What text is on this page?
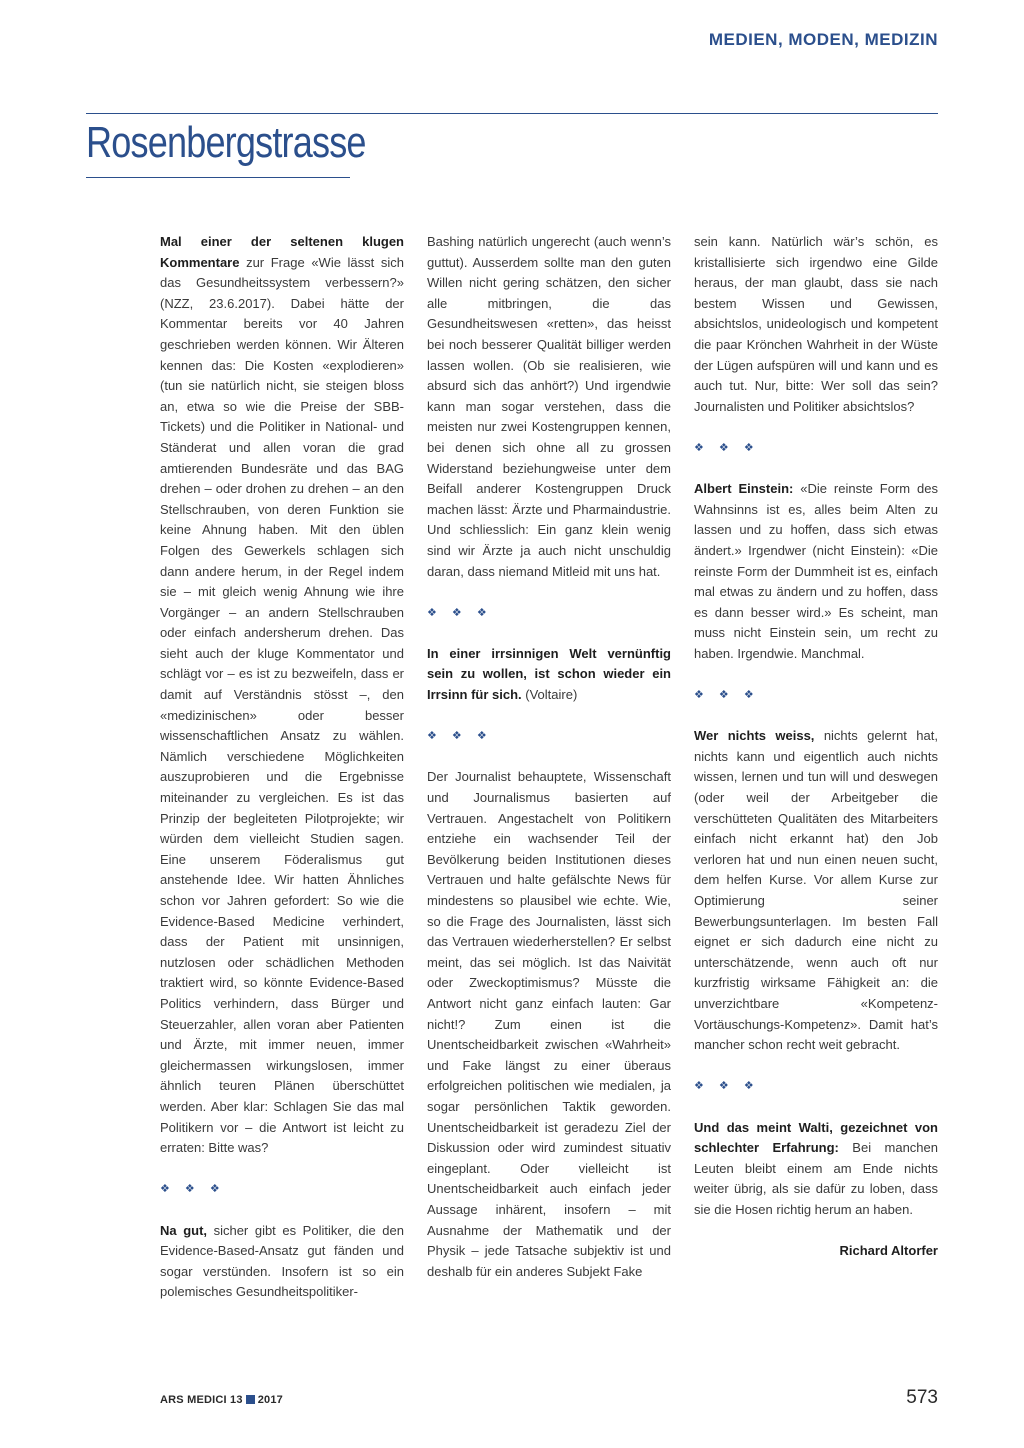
MEDIEN, MODEN, MEDIZIN
Rosenbergstrasse

Mal einer der seltenen klugen Kommentare zur Frage «Wie lässt sich das Gesundheitssystem verbessern?» (NZZ, 23.6.2017). Dabei hätte der Kommentar bereits vor 40 Jahren geschrieben werden können. Wir Älteren kennen das: Die Kosten «explodieren» (tun sie natürlich nicht, sie steigen bloss an, etwa so wie die Preise der SBB-Tickets) und die Politiker in National- und Ständerat und allen voran die grad amtierenden Bundesräte und das BAG drehen – oder drohen zu drehen – an den Stellschrauben, von deren Funktion sie keine Ahnung haben. Mit den üblen Folgen des Gewerkels schlagen sich dann andere herum, in der Regel indem sie – mit gleich wenig Ahnung wie ihre Vorgänger – an andern Stellschrauben oder einfach andersherum drehen. Das sieht auch der kluge Kommentator und schlägt vor – es ist zu bezweifeln, dass er damit auf Verständnis stösst –, den «medizinischen» oder besser wissenschaftlichen Ansatz zu wählen. Nämlich verschiedene Möglichkeiten auszuprobieren und die Ergebnisse miteinander zu vergleichen. Es ist das Prinzip der begleiteten Pilotprojekte; wir würden dem vielleicht Studien sagen. Eine unserem Föderalismus gut anstehende Idee. Wir hatten Ähnliches schon vor Jahren gefordert: So wie die Evidence-Based Medicine verhindert, dass der Patient mit unsinnigen, nutzlosen oder schädlichen Methoden traktiert wird, so könnte Evidence-Based Politics verhindern, dass Bürger und Steuerzahler, allen voran aber Patienten und Ärzte, mit immer neuen, immer gleichermassen wirkungslosen, immer ähnlich teuren Plänen überschüttet werden. Aber klar: Schlagen Sie das mal Politikern vor – die Antwort ist leicht zu erraten: Bitte was?

❖ ❖ ❖

Na gut, sicher gibt es Politiker, die den Evidence-Based-Ansatz gut fänden und sogar verstünden. Insofern ist so ein polemisches Gesundheitspolitiker-

Bashing natürlich ungerecht (auch wenn’s guttut). Ausserdem sollte man den guten Willen nicht gering schätzen, den sicher alle mitbringen, die das Gesundheitswesen «retten», das heisst bei noch besserer Qualität billiger werden lassen wollen. (Ob sie realisieren, wie absurd sich das anhört?) Und irgendwie kann man sogar verstehen, dass die meisten nur zwei Kostengruppen kennen, bei denen sich ohne all zu grossen Widerstand beziehungweise unter dem Beifall anderer Kostengruppen Druck machen lässt: Ärzte und Pharmaindustrie. Und schliesslich: Ein ganz klein wenig sind wir Ärzte ja auch nicht unschuldig daran, dass niemand Mitleid mit uns hat.

❖ ❖ ❖

In einer irrsinnigen Welt vernünftig sein zu wollen, ist schon wieder ein Irrsinn für sich. (Voltaire)

❖ ❖ ❖

Der Journalist behauptete, Wissenschaft und Journalismus basierten auf Vertrauen. Angestachelt von Politikern entziehe ein wachsender Teil der Bevölkerung beiden Institutionen dieses Vertrauen und halte gefälschte News für mindestens so plausibel wie echte. Wie, so die Frage des Journalisten, lässt sich das Vertrauen wiederherstellen? Er selbst meint, das sei möglich. Ist das Naivität oder Zweckoptimismus? Müsste die Antwort nicht ganz einfach lauten: Gar nicht!? Zum einen ist die Unentscheidbarkeit zwischen «Wahrheit» und Fake längst zu einer überaus erfolgreichen politischen wie medialen, ja sogar persönlichen Taktik geworden. Unentscheidbarkeit ist geradezu Ziel der Diskussion oder wird zumindest situativ eingeplant. Oder vielleicht ist Unentscheidbarkeit auch einfach jeder Aussage inhärent, insofern – mit Ausnahme der Mathematik und der Physik – jede Tatsache subjektiv ist und deshalb für ein anderes Subjekt Fake

sein kann. Natürlich wär’s schön, es kristallisierte sich irgendwo eine Gilde heraus, der man glaubt, dass sie nach bestem Wissen und Gewissen, absichtslos, unideologisch und kompetent die paar Krönchen Wahrheit in der Wüste der Lügen aufspüren will und kann und es auch tut. Nur, bitte: Wer soll das sein? Journalisten und Politiker absichtslos?

❖ ❖ ❖

Albert Einstein: «Die reinste Form des Wahnsinns ist es, alles beim Alten zu lassen und zu hoffen, dass sich etwas ändert.» Irgendwer (nicht Einstein): «Die reinste Form der Dummheit ist es, einfach mal etwas zu ändern und zu hoffen, dass es dann besser wird.» Es scheint, man muss nicht Einstein sein, um recht zu haben. Irgendwie. Manchmal.

❖ ❖ ❖

Wer nichts weiss, nichts gelernt hat, nichts kann und eigentlich auch nichts wissen, lernen und tun will und deswegen (oder weil der Arbeitgeber die verschütteten Qualitäten des Mitarbeiters einfach nicht erkannt hat) den Job verloren hat und nun einen neuen sucht, dem helfen Kurse. Vor allem Kurse zur Optimierung seiner Bewerbungsunterlagen. Im besten Fall eignet er sich dadurch eine nicht zu unterschätzende, wenn auch oft nur kurzfristig wirksame Fähigkeit an: die unverzichtbare «Kompetenz-Vortäuschungs-Kompetenz». Damit hat’s mancher schon recht weit gebracht.

❖ ❖ ❖

Und das meint Walti, gezeichnet von schlechter Erfahrung: Bei manchen Leuten bleibt einem am Ende nichts weiter übrig, als sie dafür zu loben, dass sie die Hosen richtig herum an haben.

Richard Altorfer

ARS MEDICI 13 2017	573
